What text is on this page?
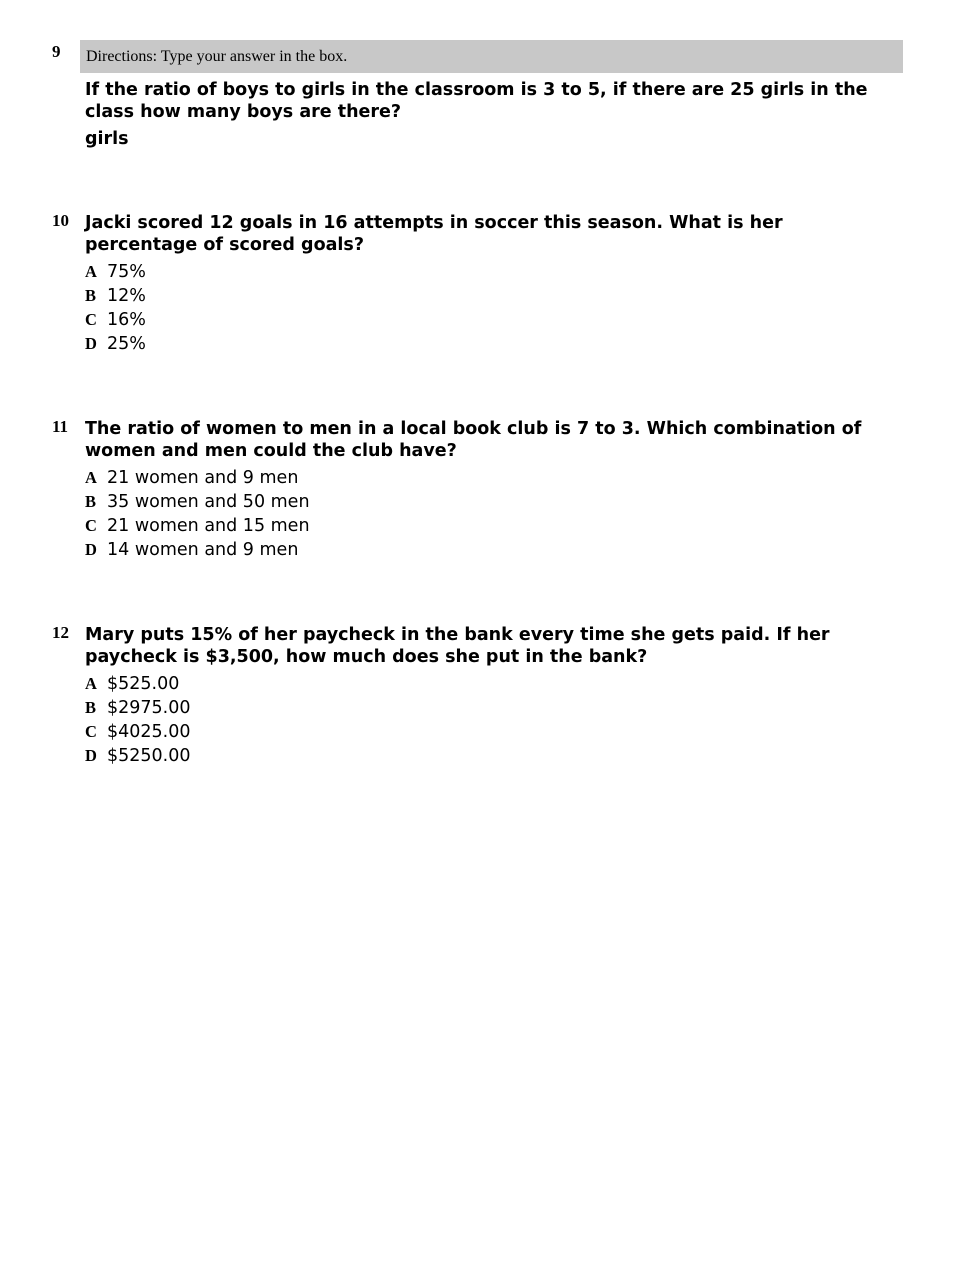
9	Directions: Type your answer in the box.

If the ratio of boys to girls in the classroom is 3 to 5, if there are 25 girls in the class how many boys are there?

girls
10 Jacki scored 12 goals in 16 attempts in soccer this season. What is her percentage of scored goals?

A 75%
B 12%
C 16%
D 25%
11 The ratio of women to men in a local book club is 7 to 3. Which combination of women and men could the club have?

A 21 women and 9 men
B 35 women and 50 men
C 21 women and 15 men
D 14 women and 9 men
12 Mary puts 15% of her paycheck in the bank every time she gets paid. If her paycheck is $3,500, how much does she put in the bank?

A $525.00
B $2975.00
C $4025.00
D $5250.00
